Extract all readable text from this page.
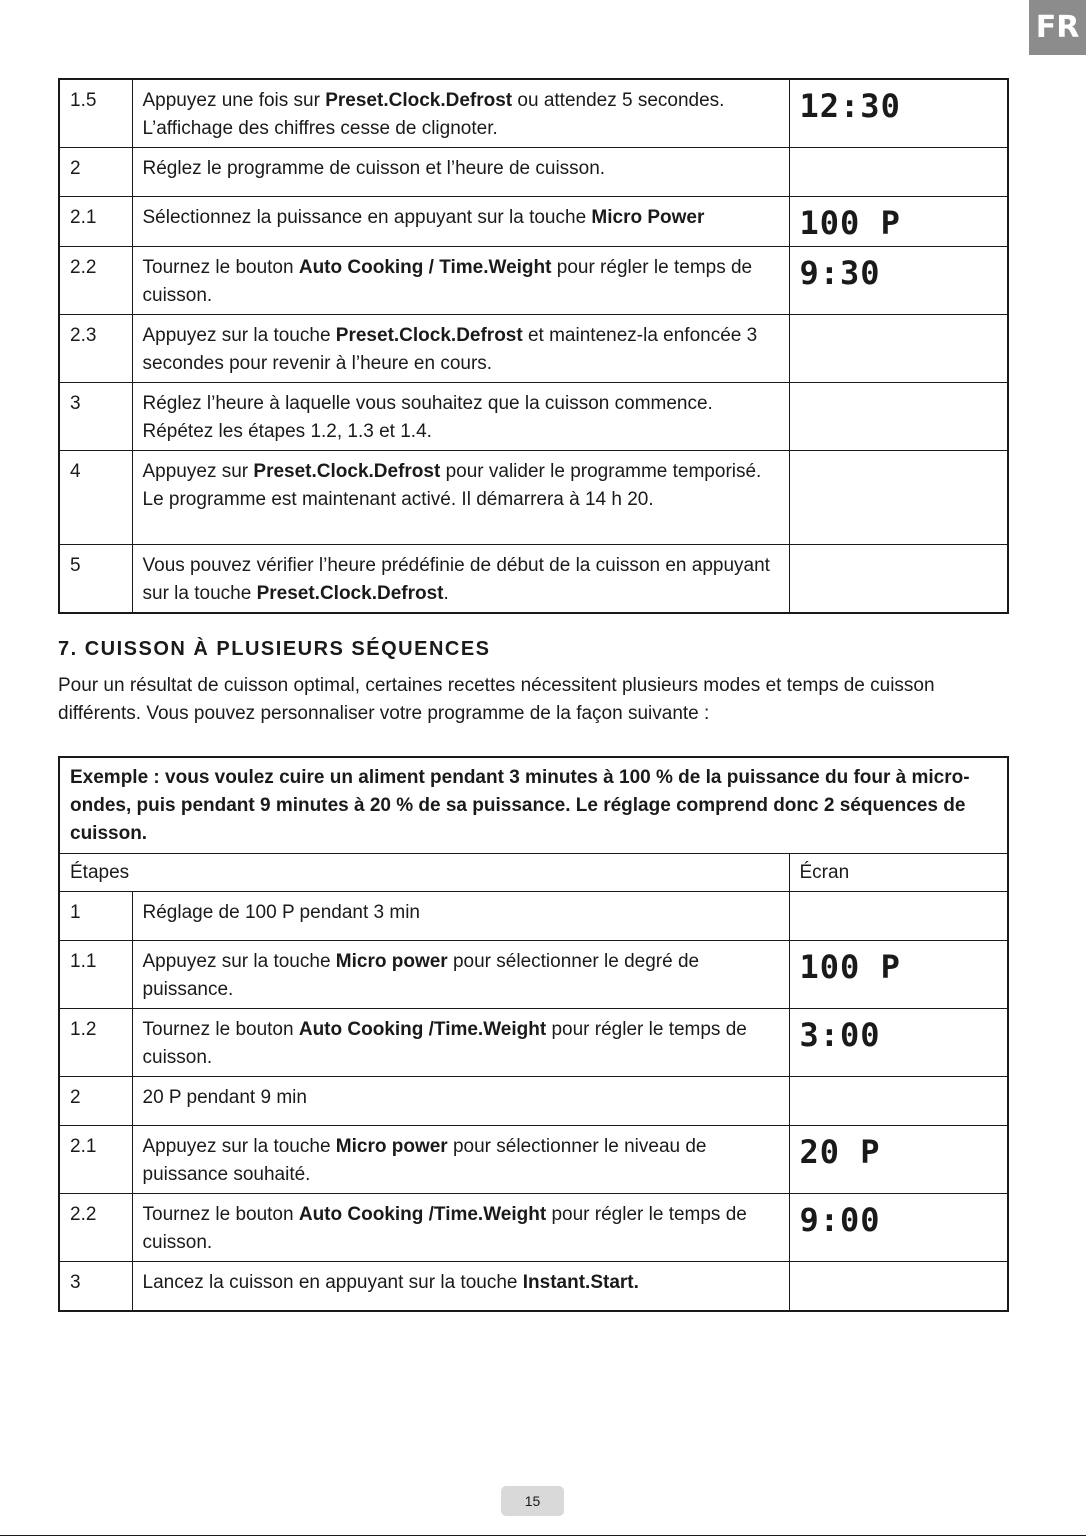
FR
1.5	Appuyez une fois sur Preset.Clock.Defrost ou attendez 5 secondes. L’affichage des chiffres cesse de clignoter.	12:30
2	Réglez le programme de cuisson et l’heure de cuisson.	
2.1	Sélectionnez la puissance en appuyant sur la touche Micro Power	100 P
2.2	Tournez le bouton Auto Cooking / Time.Weight pour régler le temps de cuisson.	9:30
2.3	Appuyez sur la touche Preset.Clock.Defrost et maintenez-la enfoncée 3 secondes pour revenir à l’heure en cours.	
3	Réglez l’heure à laquelle vous souhaitez que la cuisson commence. Répétez les étapes 1.2, 1.3 et 1.4.	
4	Appuyez sur Preset.Clock.Defrost pour valider le programme temporisé. Le programme est maintenant activé. Il démarrera à 14 h 20.	
5	Vous pouvez vérifier l’heure prédéfinie de début de la cuisson en appuyant sur la touche Preset.Clock.Defrost.	
7. CUISSON À PLUSIEURS SÉQUENCES
Pour un résultat de cuisson optimal, certaines recettes nécessitent plusieurs modes et temps de cuisson différents. Vous pouvez personnaliser votre programme de la façon suivante :
Exemple : vous voulez cuire un aliment pendant 3 minutes à 100 % de la puissance du four à micro-ondes, puis pendant 9 minutes à 20 % de sa puissance. Le réglage comprend donc 2 séquences de cuisson.		
Étapes		Écran
1	Réglage de 100 P pendant 3 min	
1.1	Appuyez sur la touche Micro power pour sélectionner le degré de puissance.	100 P
1.2	Tournez le bouton Auto Cooking /Time.Weight pour régler le temps de cuisson.	3:00
2	20 P pendant 9 min	
2.1	Appuyez sur la touche Micro power pour sélectionner le niveau de puissance souhaité.	20 P
2.2	Tournez le bouton Auto Cooking /Time.Weight pour régler le temps de cuisson.	9:00
3	Lancez la cuisson en appuyant sur la touche Instant.Start.	
15
